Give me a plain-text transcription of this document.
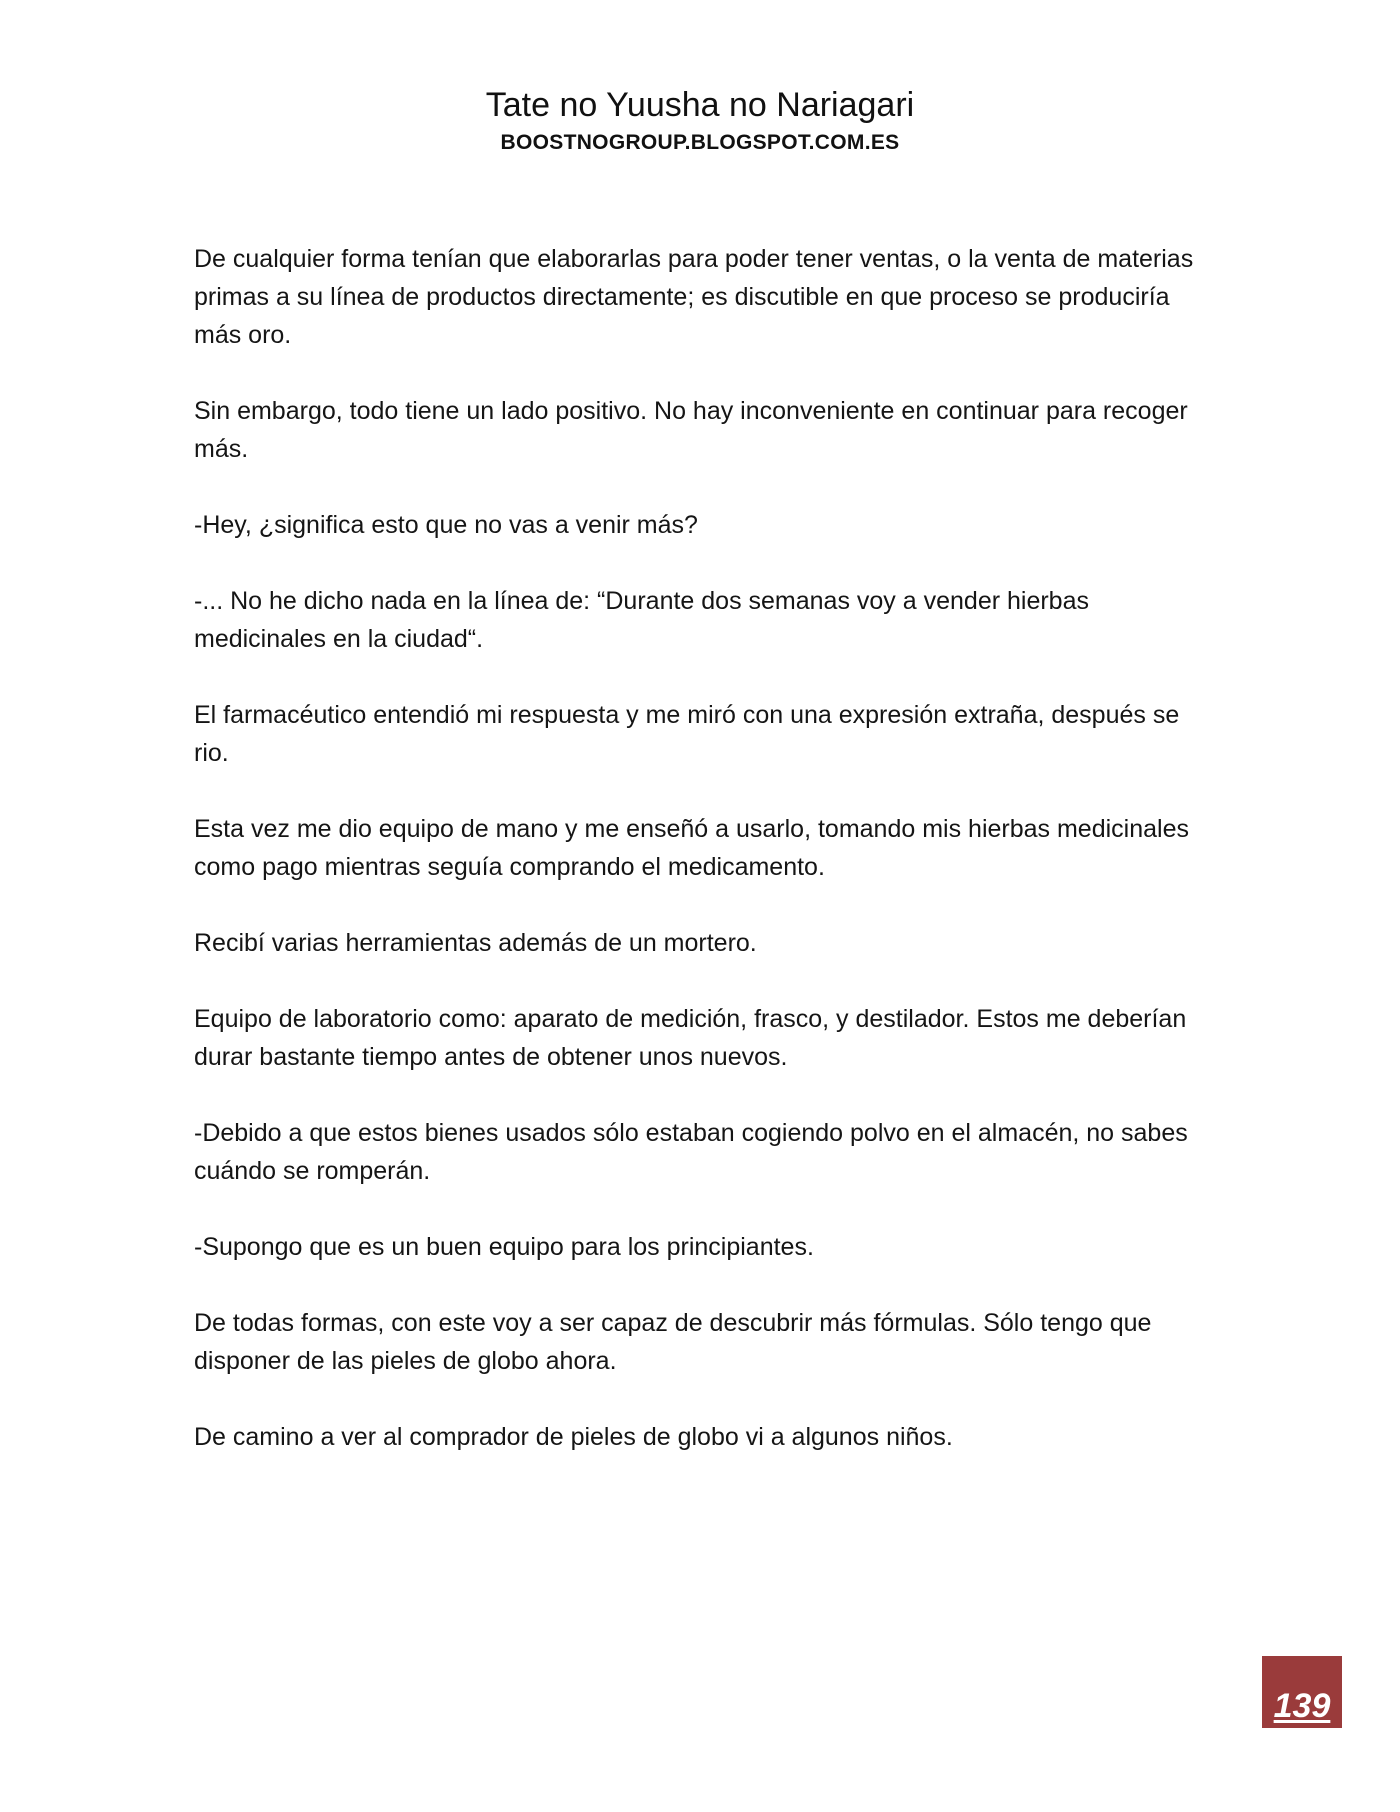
Tate no Yuusha no Nariagari
BOOSTNOGROUP.BLOGSPOT.COM.ES

De cualquier forma tenían que elaborarlas para poder tener ventas, o la venta de materias primas a su línea de productos directamente; es discutible en que proceso se produciría más oro.

Sin embargo, todo tiene un lado positivo. No hay inconveniente en continuar para recoger más.

-Hey, ¿significa esto que no vas a venir más?

-... No he dicho nada en la línea de: “Durante dos semanas voy a vender hierbas medicinales en la ciudad“.

El farmacéutico entendió mi respuesta y me miró con una expresión extraña, después se rio.

Esta vez me dio equipo de mano y me enseñó a usarlo, tomando mis hierbas medicinales como pago mientras seguía comprando el medicamento.

Recibí varias herramientas además de un mortero.

Equipo de laboratorio como: aparato de medición, frasco, y destilador. Estos me deberían durar bastante tiempo antes de obtener unos nuevos.

-Debido a que estos bienes usados sólo estaban cogiendo polvo en el almacén, no sabes cuándo se romperán.

-Supongo que es un buen equipo para los principiantes.

De todas formas, con este voy a ser capaz de descubrir más fórmulas. Sólo tengo que disponer de las pieles de globo ahora.

De camino a ver al comprador de pieles de globo vi a algunos niños.

139
